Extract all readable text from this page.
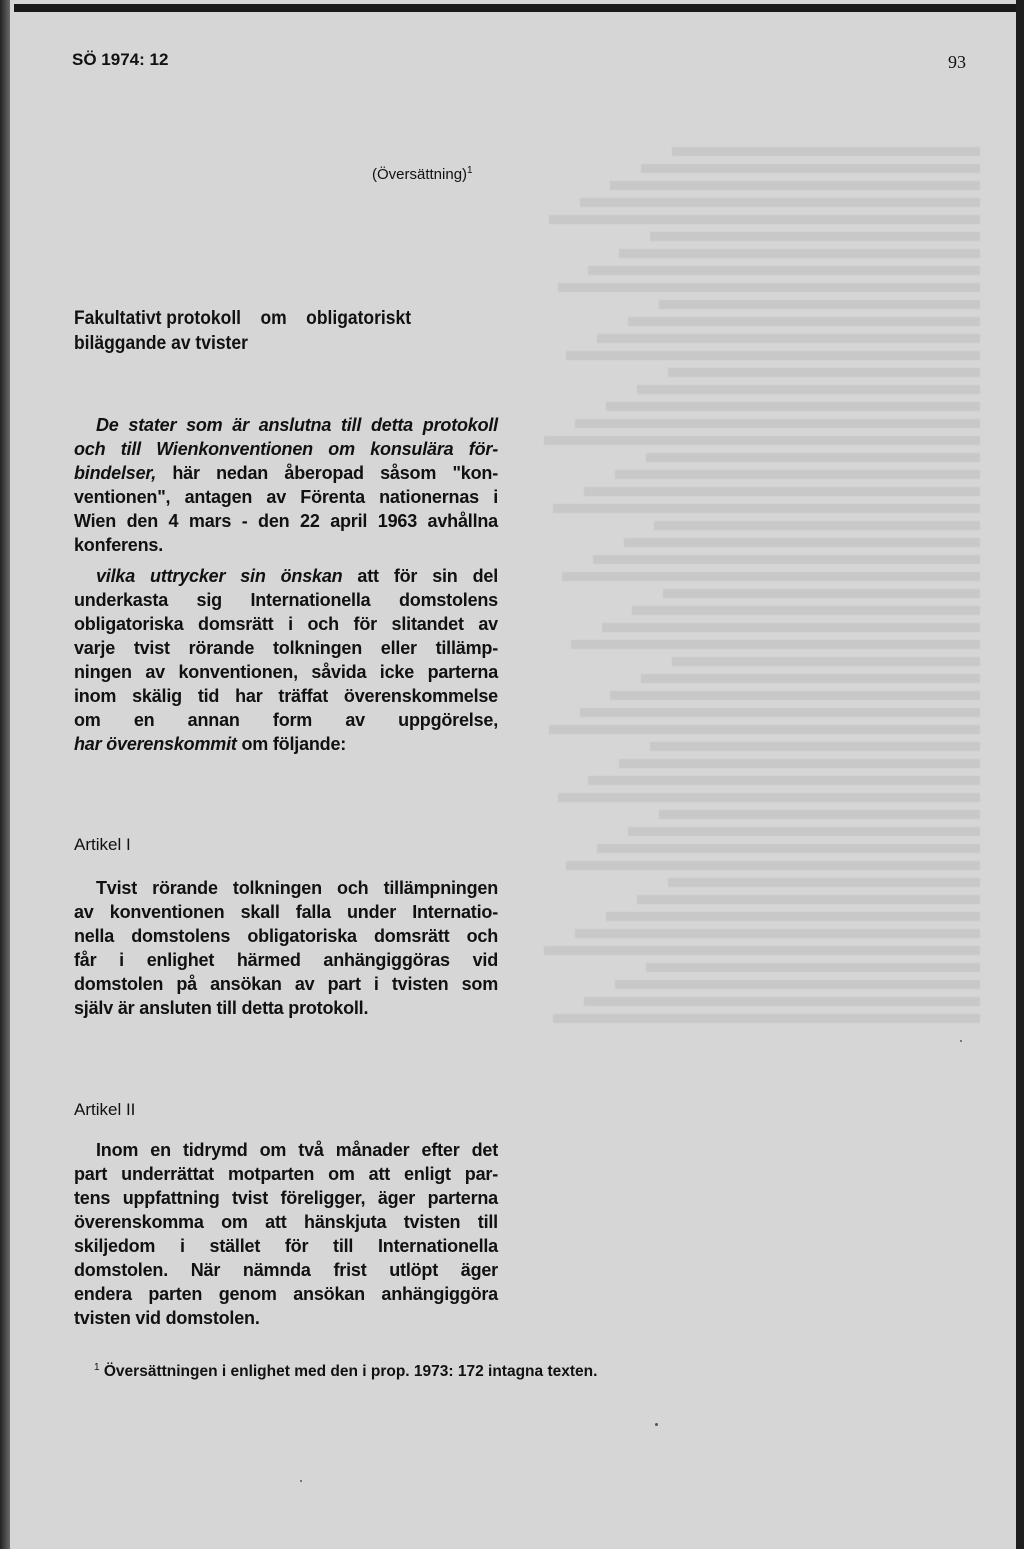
SÖ 1974: 12	93
(Översättning)$^1$
Fakultativt protokoll om obligatoriskt
biläggande av tvister
De stater som är anslutna till detta protokoll
och till Wienkonventionen om konsulära för-
bindelser, här nedan åberopad såsom "kon-
ventionen", antagen av Förenta nationernas i
Wien den 4 mars - den 22 april 1963 avhållna
konferens.
vilka uttrycker sin önskan att för sin del
underkasta sig Internationella domstolens
obligatoriska domsrätt i och för slitandet av
varje tvist rörande tolkningen eller tillämp-
ningen av konventionen, såvida icke parterna
inom skälig tid har träffat överenskommelse
om en annan form av uppgörelse,
har överenskommit om följande:
Artikel I
Tvist rörande tolkningen och tillämpningen
av konventionen skall falla under Internatio-
nella domstolens obligatoriska domsrätt och
får i enlighet härmed anhängiggöras vid
domstolen på ansökan av part i tvisten som
själv är ansluten till detta protokoll.
Artikel II
Inom en tidrymd om två månader efter det
part underrättat motparten om att enligt par-
tens uppfattning tvist föreligger, äger parterna
överenskomma om att hänskjuta tvisten till
skiljedom i stället för till Internationella
domstolen. När nämnda frist utlöpt äger
endera parten genom ansökan anhängiggöra
tvisten vid domstolen.
$^1$ Översättningen i enlighet med den i prop. 1973: 172 intagna texten.
